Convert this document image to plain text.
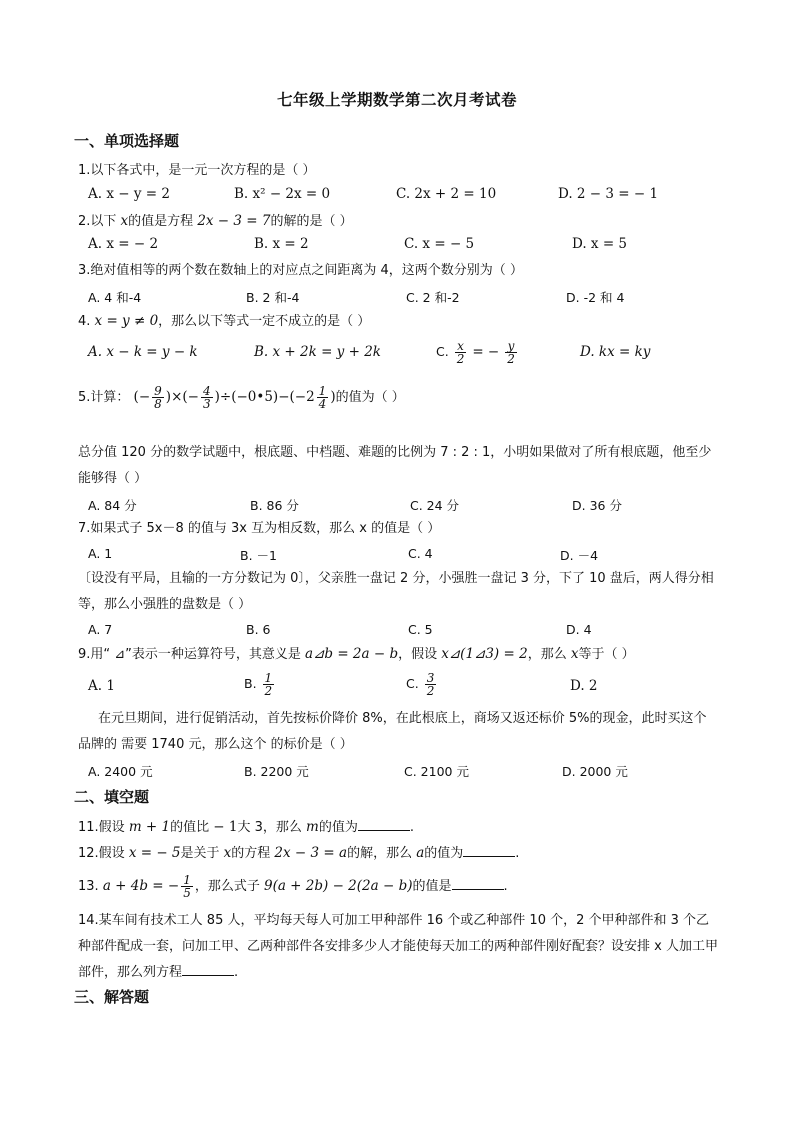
七年级上学期数学第二次月考试卷
一、单项选择题
1.以下各式中，是一元一次方程的是（ ）
A. x − y = 2	B. x² − 2x = 0	C. 2x + 2 = 10	D. 2 − 3 = − 1
2.以下 x的值是方程 2x − 3 = 7的解的是（ ）
A. x = − 2	B. x = 2	C. x = − 5	D. x = 5
3.绝对值相等的两个数在数轴上的对应点之间距离为 4，这两个数分别为（ ）
A. 4 和-4	B. 2 和-4	C. 2 和-2	D. -2 和 4
4. x = y ≠ 0，那么以下等式一定不成立的是（ ）
A. x − k = y − k	B. x + 2k = y + 2k	C. $\frac{x}{2}$ = − $\frac{y}{2}$	D. kx = ky
5.计算： (− $\frac{9}{8}$ )×(− $\frac{4}{3}$ )÷(−0•5)−(−2 $\frac{1}{4}$ )的值为（ ）
总分值 120 分的数学试题中，根底题、中档题、难题的比例为 7 : 2 : 1，小明如果做对了所有根底题，他至少能够得（ ）
A. 84 分	B. 86 分	C. 24 分	D. 36 分
7.如果式子 5x－8 的值与 3x 互为相反数，那么 x 的值是（ ）
A. 1	B. －1	C. 4	D. －4
〔设没有平局，且输的一方分数记为 0〕，父亲胜一盘记 2 分，小强胜一盘记 3 分，下了 10 盘后，两人得分相等，那么小强胜的盘数是（ ）
A. 7	B. 6	C. 5	D. 4
9.用“ ⊿”表示一种运算符号，其意义是 a⊿b = 2a − b，假设 x⊿(1⊿3) = 2，那么 x等于（ ）
A. 1	B. $\frac{1}{2}$	C. $\frac{3}{2}$	D. 2
在元旦期间，进行促销活动，首先按标价降价 8%，在此根底上，商场又返还标价 5%的现金，此时买这个品牌的 需要 1740 元，那么这个 的标价是（ ）
A. 2400 元	B. 2200 元	C. 2100 元	D. 2000 元
二、填空题
11.假设 m + 1的值比 − 1大 3，那么 m的值为	.
12.假设 x = − 5是关于 x的方程 2x − 3 = a的解，那么 a的值为	.
13. a + 4b = − $\frac{1}{5}$ ，那么式子 9(a + 2b) − 2(2a − b)的值是	.
14.某车间有技术工人 85 人，平均每天每人可加工甲种部件 16 个或乙种部件 10 个，2 个甲种部件和 3 个乙种部件配成一套，问加工甲、乙两种部件各安排多少人才能使每天加工的两种部件刚好配套？设安排 x 人加工甲部件，那么列方程	.
三、解答题
